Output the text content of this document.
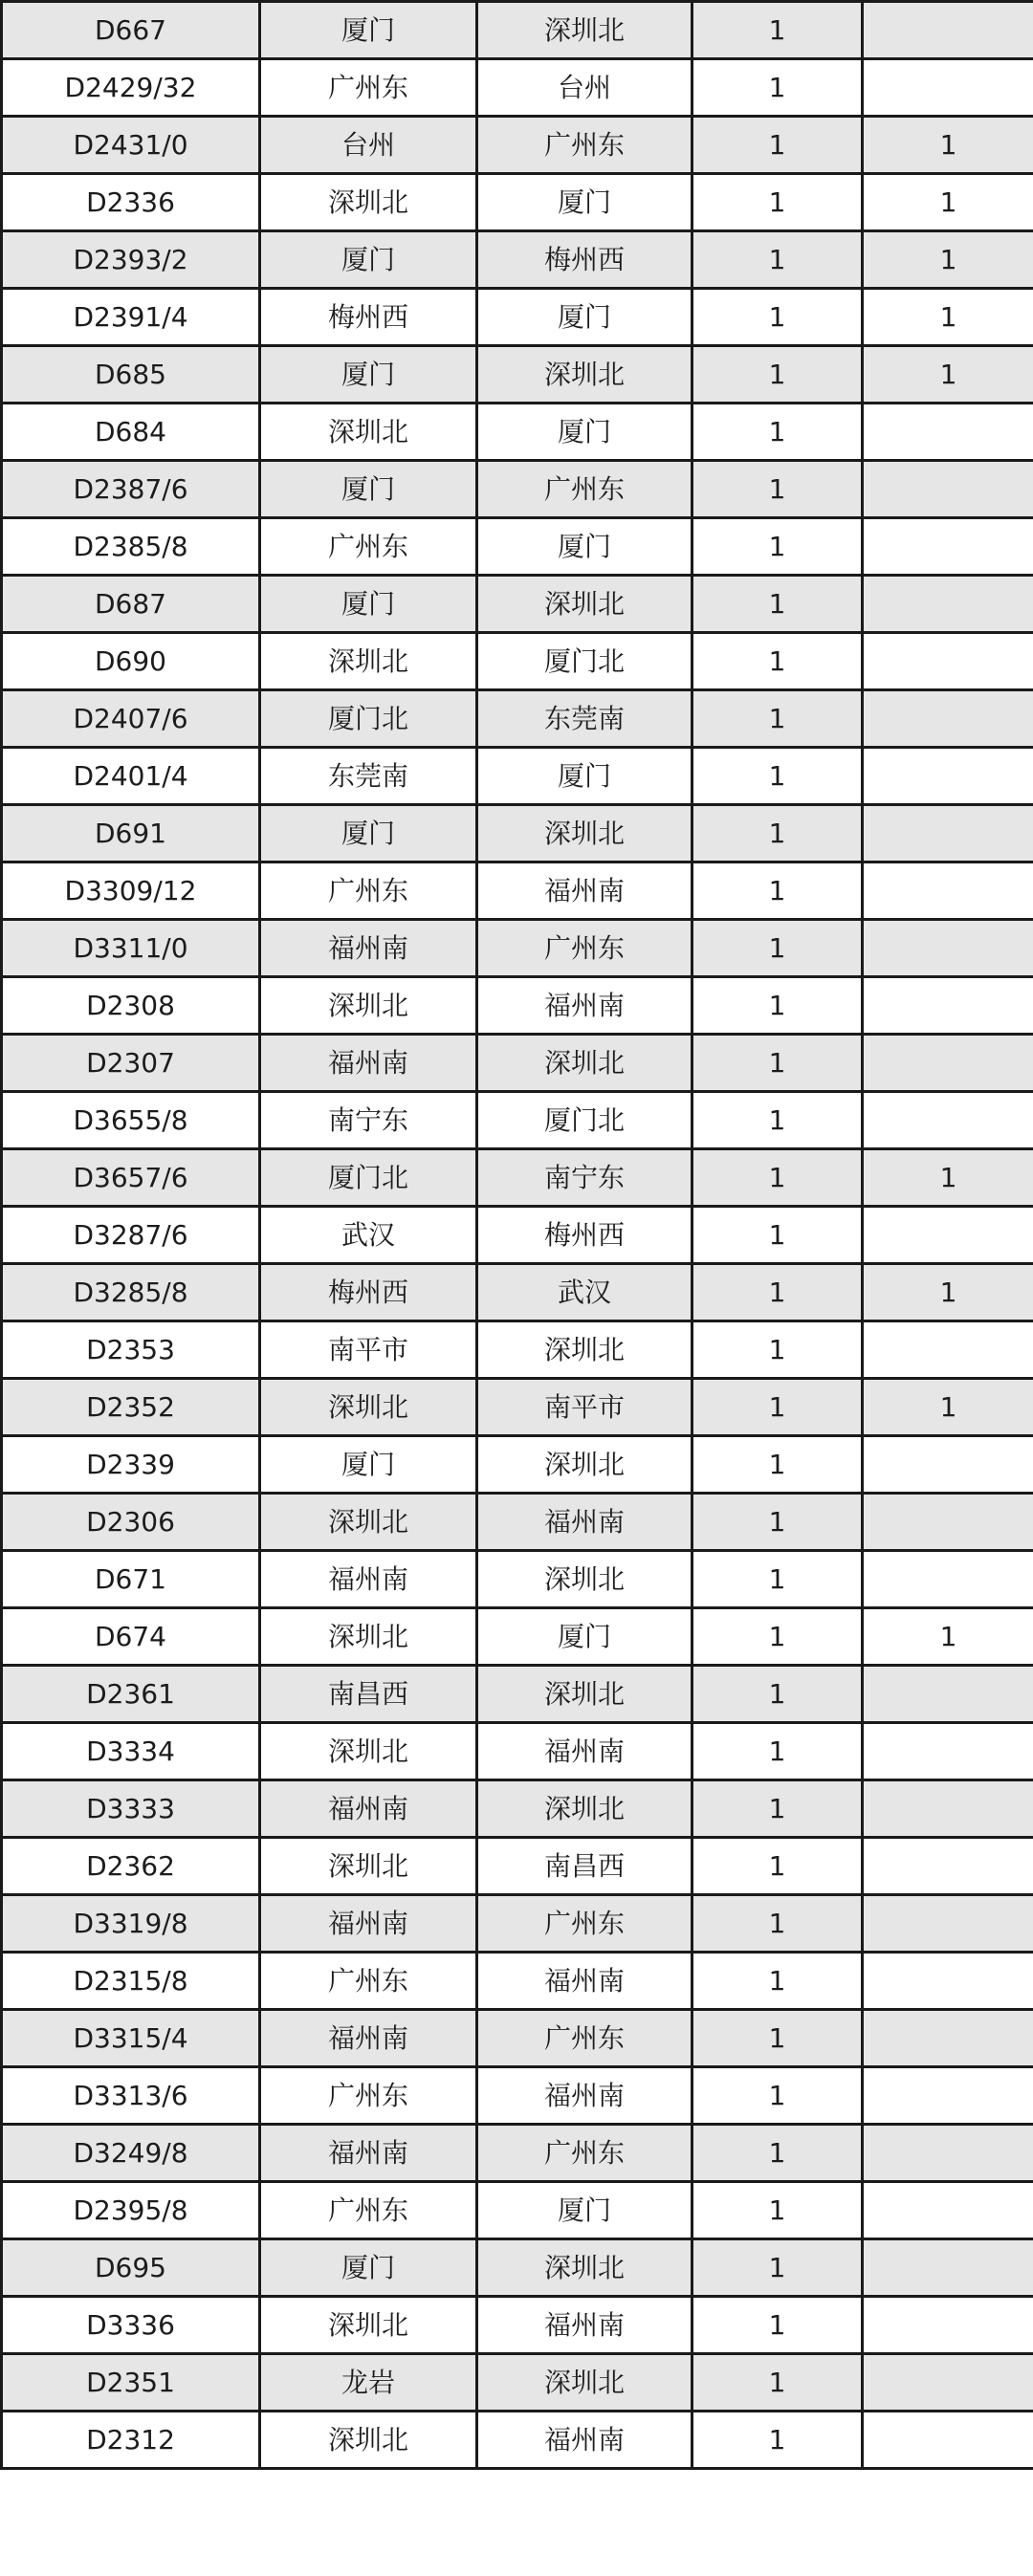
D667	厦门	深圳北	1	
D2429/32	广州东	台州	1	
D2431/0	台州	广州东	1	1
D2336	深圳北	厦门	1	1
D2393/2	厦门	梅州西	1	1
D2391/4	梅州西	厦门	1	1
D685	厦门	深圳北	1	1
D684	深圳北	厦门	1	
D2387/6	厦门	广州东	1	
D2385/8	广州东	厦门	1	
D687	厦门	深圳北	1	
D690	深圳北	厦门北	1	
D2407/6	厦门北	东莞南	1	
D2401/4	东莞南	厦门	1	
D691	厦门	深圳北	1	
D3309/12	广州东	福州南	1	
D3311/0	福州南	广州东	1	
D2308	深圳北	福州南	1	
D2307	福州南	深圳北	1	
D3655/8	南宁东	厦门北	1	
D3657/6	厦门北	南宁东	1	1
D3287/6	武汉	梅州西	1	
D3285/8	梅州西	武汉	1	1
D2353	南平市	深圳北	1	
D2352	深圳北	南平市	1	1
D2339	厦门	深圳北	1	
D2306	深圳北	福州南	1	
D671	福州南	深圳北	1	
D674	深圳北	厦门	1	1
D2361	南昌西	深圳北	1	
D3334	深圳北	福州南	1	
D3333	福州南	深圳北	1	
D2362	深圳北	南昌西	1	
D3319/8	福州南	广州东	1	
D2315/8	广州东	福州南	1	
D3315/4	福州南	广州东	1	
D3313/6	广州东	福州南	1	
D3249/8	福州南	广州东	1	
D2395/8	广州东	厦门	1	
D695	厦门	深圳北	1	
D3336	深圳北	福州南	1	
D2351	龙岩	深圳北	1	
D2312	深圳北	福州南	1	
